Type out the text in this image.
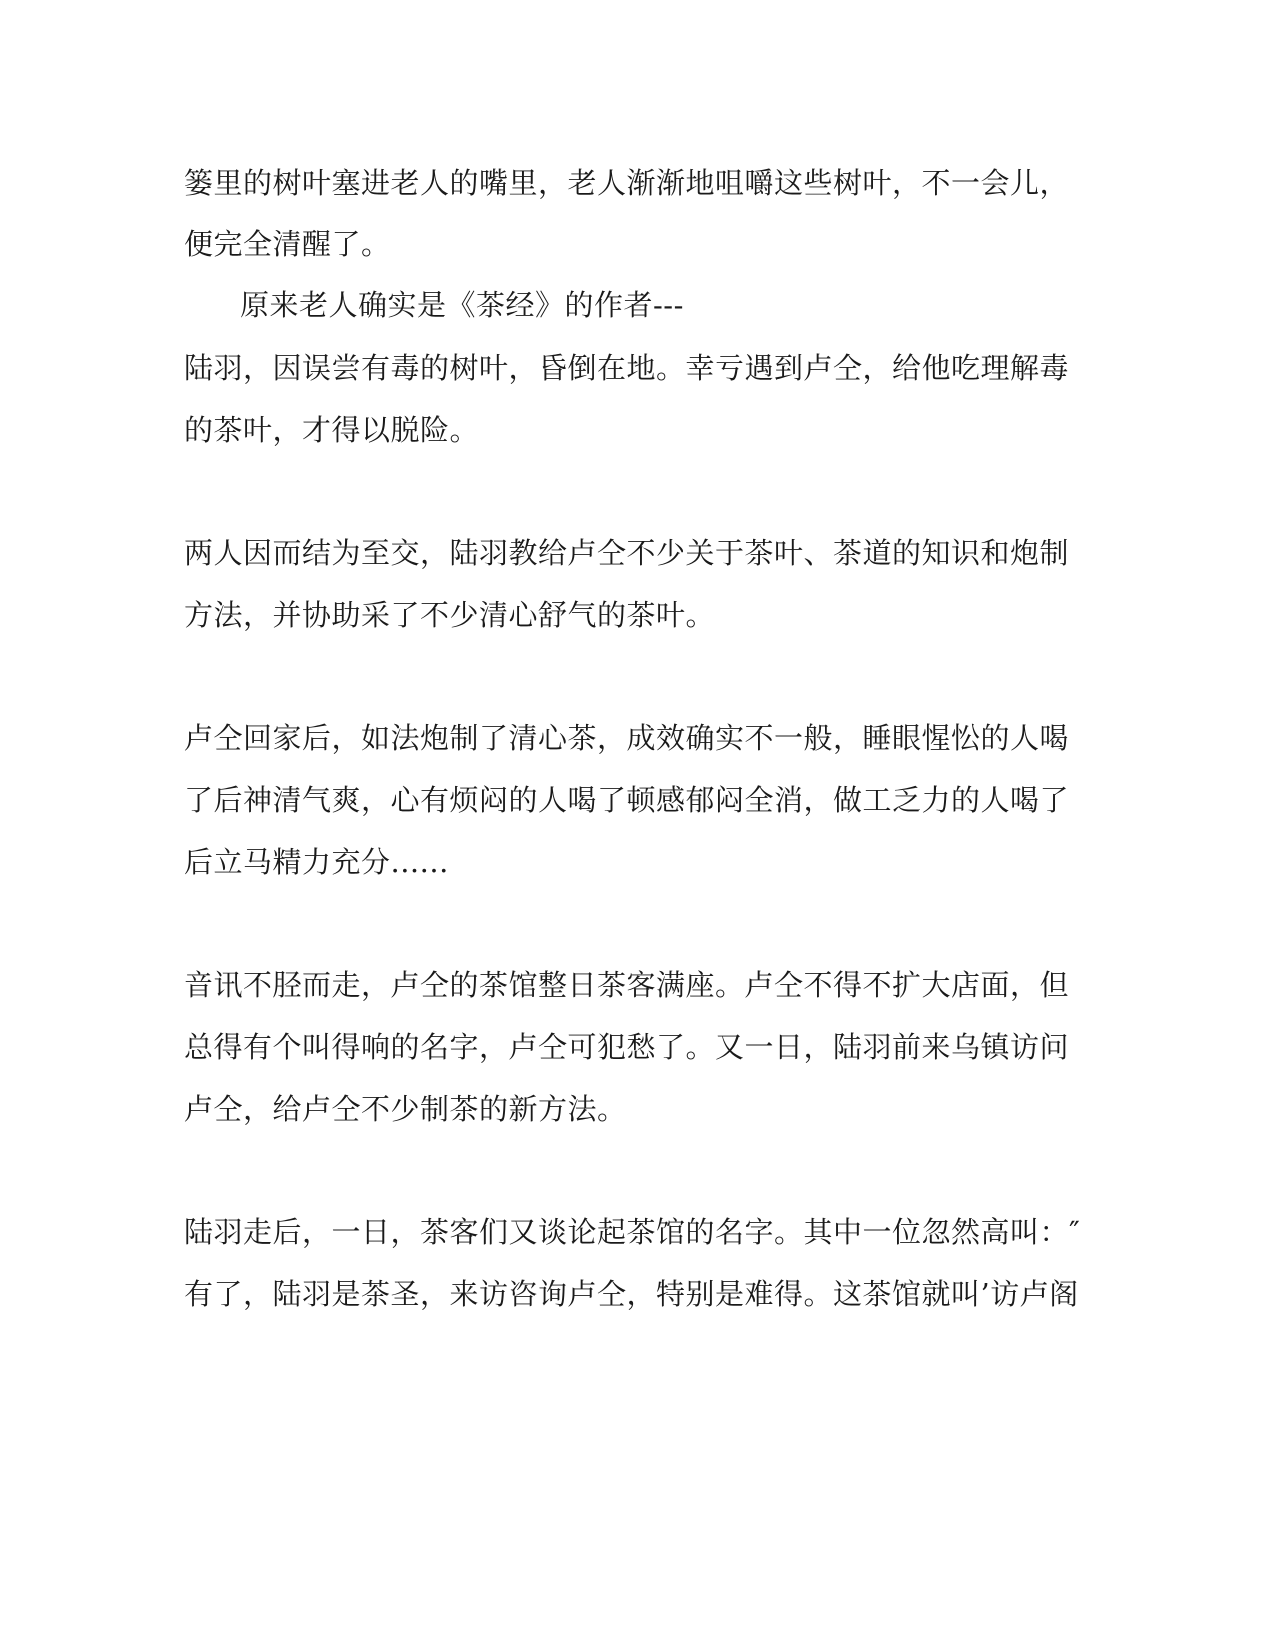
篓里的树叶塞进老人的嘴里，老人渐渐地咀嚼这些树叶，不一会儿，
便完全清醒了。
原来老人确实是《茶经》的作者---
陆羽，因误尝有毒的树叶，昏倒在地。幸亏遇到卢仝，给他吃理解毒
的茶叶，才得以脱险。
两人因而结为至交，陆羽教给卢仝不少关于茶叶、茶道的知识和炮制
方法，并协助采了不少清心舒气的茶叶。
卢仝回家后，如法炮制了清心茶，成效确实不一般，睡眼惺忪的人喝
了后神清气爽，心有烦闷的人喝了顿感郁闷全消，做工乏力的人喝了
后立马精力充分......
音讯不胫而走，卢仝的茶馆整日茶客满座。卢仝不得不扩大店面，但
总得有个叫得响的名字，卢仝可犯愁了。又一日，陆羽前来乌镇访问
卢仝，给卢仝不少制茶的新方法。
陆羽走后，一日，茶客们又谈论起茶馆的名字。其中一位忽然高叫：″
有了，陆羽是茶圣，来访咨询卢仝，特别是难得。这茶馆就叫’访卢阁
